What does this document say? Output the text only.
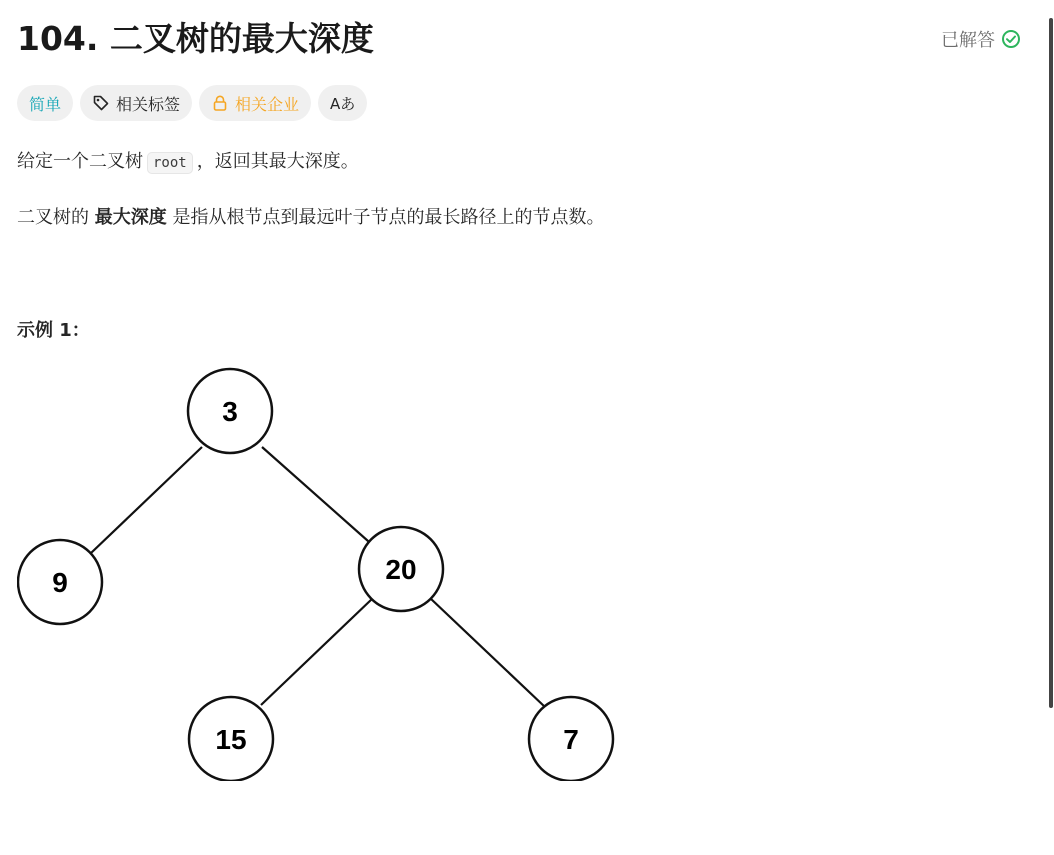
104. 二叉树的最大深度	已解答
简单	相关标签	相关企业 Aあ
给定一个二叉树 root ，返回其最大深度。
二叉树的 最大深度 是指从根节点到最远叶子节点的最长路径上的节点数。
示例 1：
3
9	20
15	7
